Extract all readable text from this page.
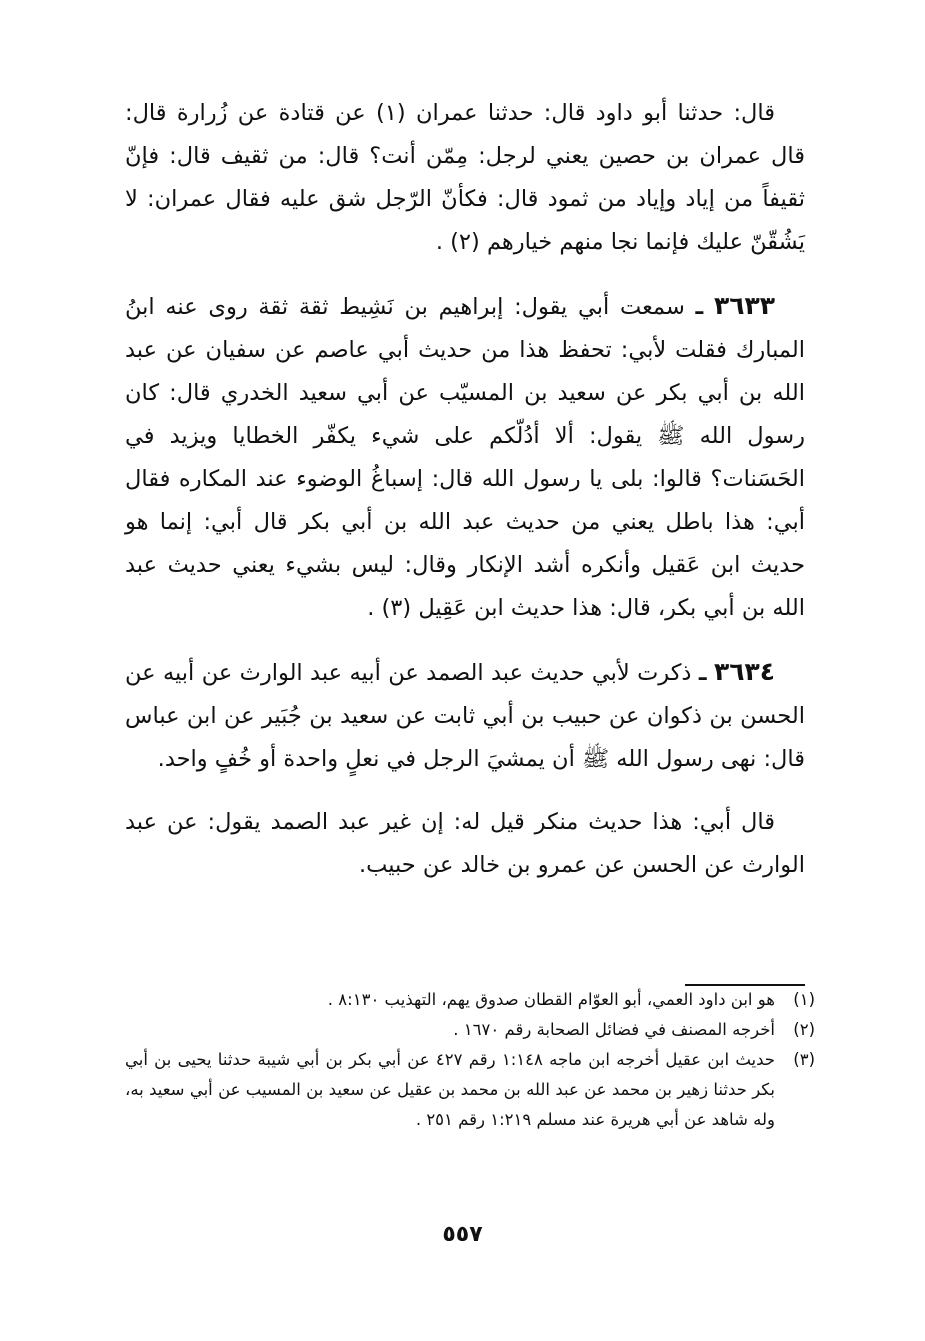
قال: حدثنا أبو داود قال: حدثنا عمران (١) عن قتادة عن زُرارة قال: قال عمران بن حصين يعني لرجل: مِمّن أنت؟ قال: من ثقيف قال: فإنّ ثقيفاً من إياد وإياد من ثمود قال: فكأنّ الرّجل شق عليه فقال عمران: لا يَشُقّنّ عليك فإنما نجا منهم خيارهم (٢) .

٣٦٣٣ ـ سمعت أبي يقول: إبراهيم بن نَشِيط ثقة ثقة روى عنه ابنُ المبارك فقلت لأبي: تحفظ هذا من حديث أبي عاصم عن سفيان عن عبد الله بن أبي بكر عن سعيد بن المسيّب عن أبي سعيد الخدري قال: كان رسول الله ﷺ يقول: ألا أدُلّكم على شيء يكفّر الخطايا ويزيد في الحَسَنات؟ قالوا: بلى يا رسول الله قال: إسباغُ الوضوء عند المكاره فقال أبي: هذا باطل يعني من حديث عبد الله بن أبي بكر قال أبي: إنما هو حديث ابن عَقيل وأنكره أشد الإنكار وقال: ليس بشيء يعني حديث عبد الله بن أبي بكر، قال: هذا حديث ابن عَقِيل (٣) .

٣٦٣٤ ـ ذكرت لأبي حديث عبد الصمد عن أبيه عبد الوارث عن أبيه عن الحسن بن ذكوان عن حبيب بن أبي ثابت عن سعيد بن جُبَير عن ابن عباس قال: نهى رسول الله ﷺ أن يمشيَ الرجل في نعلٍ واحدة أو خُفٍ واحد.

قال أبي: هذا حديث منكر قيل له: إن غير عبد الصمد يقول: عن عبد الوارث عن الحسن عن عمرو بن خالد عن حبيب.

(١)
هو ابن داود العمي، أبو العوّام القطان صدوق يهم، التهذيب ٨:١٣٠ .
(٢)
أخرجه المصنف في فضائل الصحابة رقم ١٦٧٠ .
(٣)
حديث ابن عقيل أخرجه ابن ماجه ١:١٤٨ رقم ٤٢٧ عن أبي بكر بن أبي شيبة حدثنا يحيى بن أبي بكر حدثنا زهير بن محمد عن عبد الله بن محمد بن عقيل عن سعيد بن المسيب عن أبي سعيد به، وله شاهد عن أبي هريرة عند مسلم ١:٢١٩ رقم ٢٥١ .
٥٥٧
